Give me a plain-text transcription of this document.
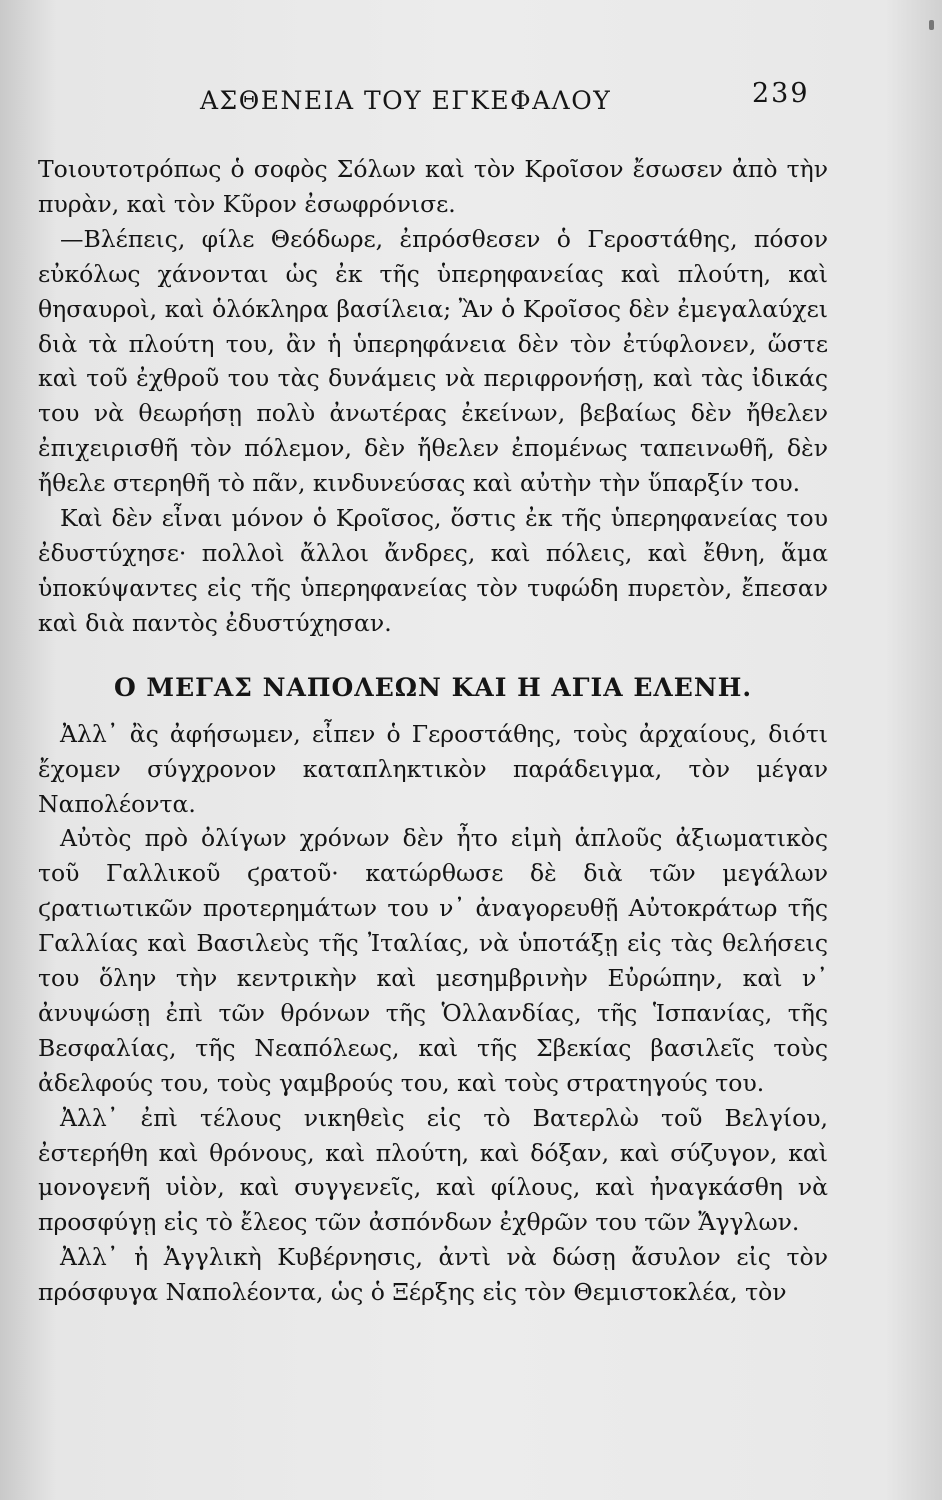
ΑΣΘΕΝΕΙΑ ΤΟΥ ΕΓΚΕΦΑΛΟΥ	239

Τοιουτοτρόπως ὁ σοφὸς Σόλων καὶ τὸν Κροῖσον ἔσωσεν ἀπὸ τὴν πυρὰν, καὶ τὸν Κῦρον ἐσωφρόνισε.

—Βλέπεις, φίλε Θεόδωρε, ἐπρόσθεσεν ὁ Γεροστάθης, πόσον εὐκόλως χάνονται ὡς ἐκ τῆς ὑπερηφανείας καὶ πλούτη, καὶ θησαυροὶ, καὶ ὁλόκληρα βασίλεια; Ἂν ὁ Κροῖσος δὲν ἐμεγαλαύχει διὰ τὰ πλούτη του, ἂν ἡ ὑπερηφάνεια δὲν τὸν ἐτύφλονεν, ὥστε καὶ τοῦ ἐχθροῦ του τὰς δυνάμεις νὰ περιφρονήσῃ, καὶ τὰς ἰδικάς του νὰ θεωρήσῃ πολὺ ἀνωτέρας ἐκείνων, βεβαίως δὲν ἤθελεν ἐπιχειρισθῆ τὸν πόλεμον, δὲν ἤθελεν ἐπομένως ταπεινωθῆ, δὲν ἤθελε στερηθῆ τὸ πᾶν, κινδυνεύσας καὶ αὐτὴν τὴν ὕπαρξίν του.

Καὶ δὲν εἶναι μόνον ὁ Κροῖσος, ὅστις ἐκ τῆς ὑπερηφανείας του ἐδυστύχησε· πολλοὶ ἄλλοι ἄνδρες, καὶ πόλεις, καὶ ἔθνη, ἅμα ὑποκύψαντες εἰς τῆς ὑπερηφανείας τὸν τυφώδη πυρετὸν, ἔπεσαν καὶ διὰ παντὸς ἐδυστύχησαν.

Ο ΜΕΓΑΣ ΝΑΠΟΛΕΩΝ ΚΑΙ Η ΑΓΙΑ ΕΛΕΝΗ.

Ἀλλ᾽ ἂς ἀφήσωμεν, εἶπεν ὁ Γεροστάθης, τοὺς ἀρχαίους, διότι ἔχομεν σύγχρονον καταπληκτικὸν παράδειγμα, τὸν μέγαν Ναπολέοντα.

Αὐτὸς πρὸ ὀλίγων χρόνων δὲν ἦτο εἰμὴ ἁπλοῦς ἀξιωματικὸς τοῦ Γαλλικοῦ ϛρατοῦ· κατώρθωσε δὲ διὰ τῶν μεγάλων ϛρατιωτικῶν προτερημάτων του ν᾽ ἀναγορευθῇ Αὐτοκράτωρ τῆς Γαλλίας καὶ Βασιλεὺς τῆς Ἰταλίας, νὰ ὑποτάξῃ εἰς τὰς θελήσεις του ὅλην τὴν κεντρικὴν καὶ μεσημβρινὴν Εὐρώπην, καὶ ν᾽ ἀνυψώσῃ ἐπὶ τῶν θρόνων τῆς Ὁλλανδίας, τῆς Ἱσπανίας, τῆς Βεσφαλίας, τῆς Νεαπόλεως, καὶ τῆς Σβεκίας βασιλεῖς τοὺς ἀδελφούς του, τοὺς γαμβρούς του, καὶ τοὺς στρατηγούς του.

Ἀλλ᾽ ἐπὶ τέλους νικηθεὶς εἰς τὸ Βατερλὼ τοῦ Βελγίου, ἐστερήθη καὶ θρόνους, καὶ πλούτη, καὶ δόξαν, καὶ σύζυγον, καὶ μονογενῆ υἱὸν, καὶ συγγενεῖς, καὶ φίλους, καὶ ἠναγκάσθη νὰ προσφύγῃ εἰς τὸ ἔλεος τῶν ἀσπόνδων ἐχθρῶν του τῶν Ἄγγλων.

Ἀλλ᾽ ἡ Ἀγγλικὴ Κυβέρνησις, ἀντὶ νὰ δώσῃ ἄσυλον εἰς τὸν πρόσφυγα Ναπολέοντα, ὡς ὁ Ξέρξης εἰς τὸν Θεμιστοκλέα, τὸν
